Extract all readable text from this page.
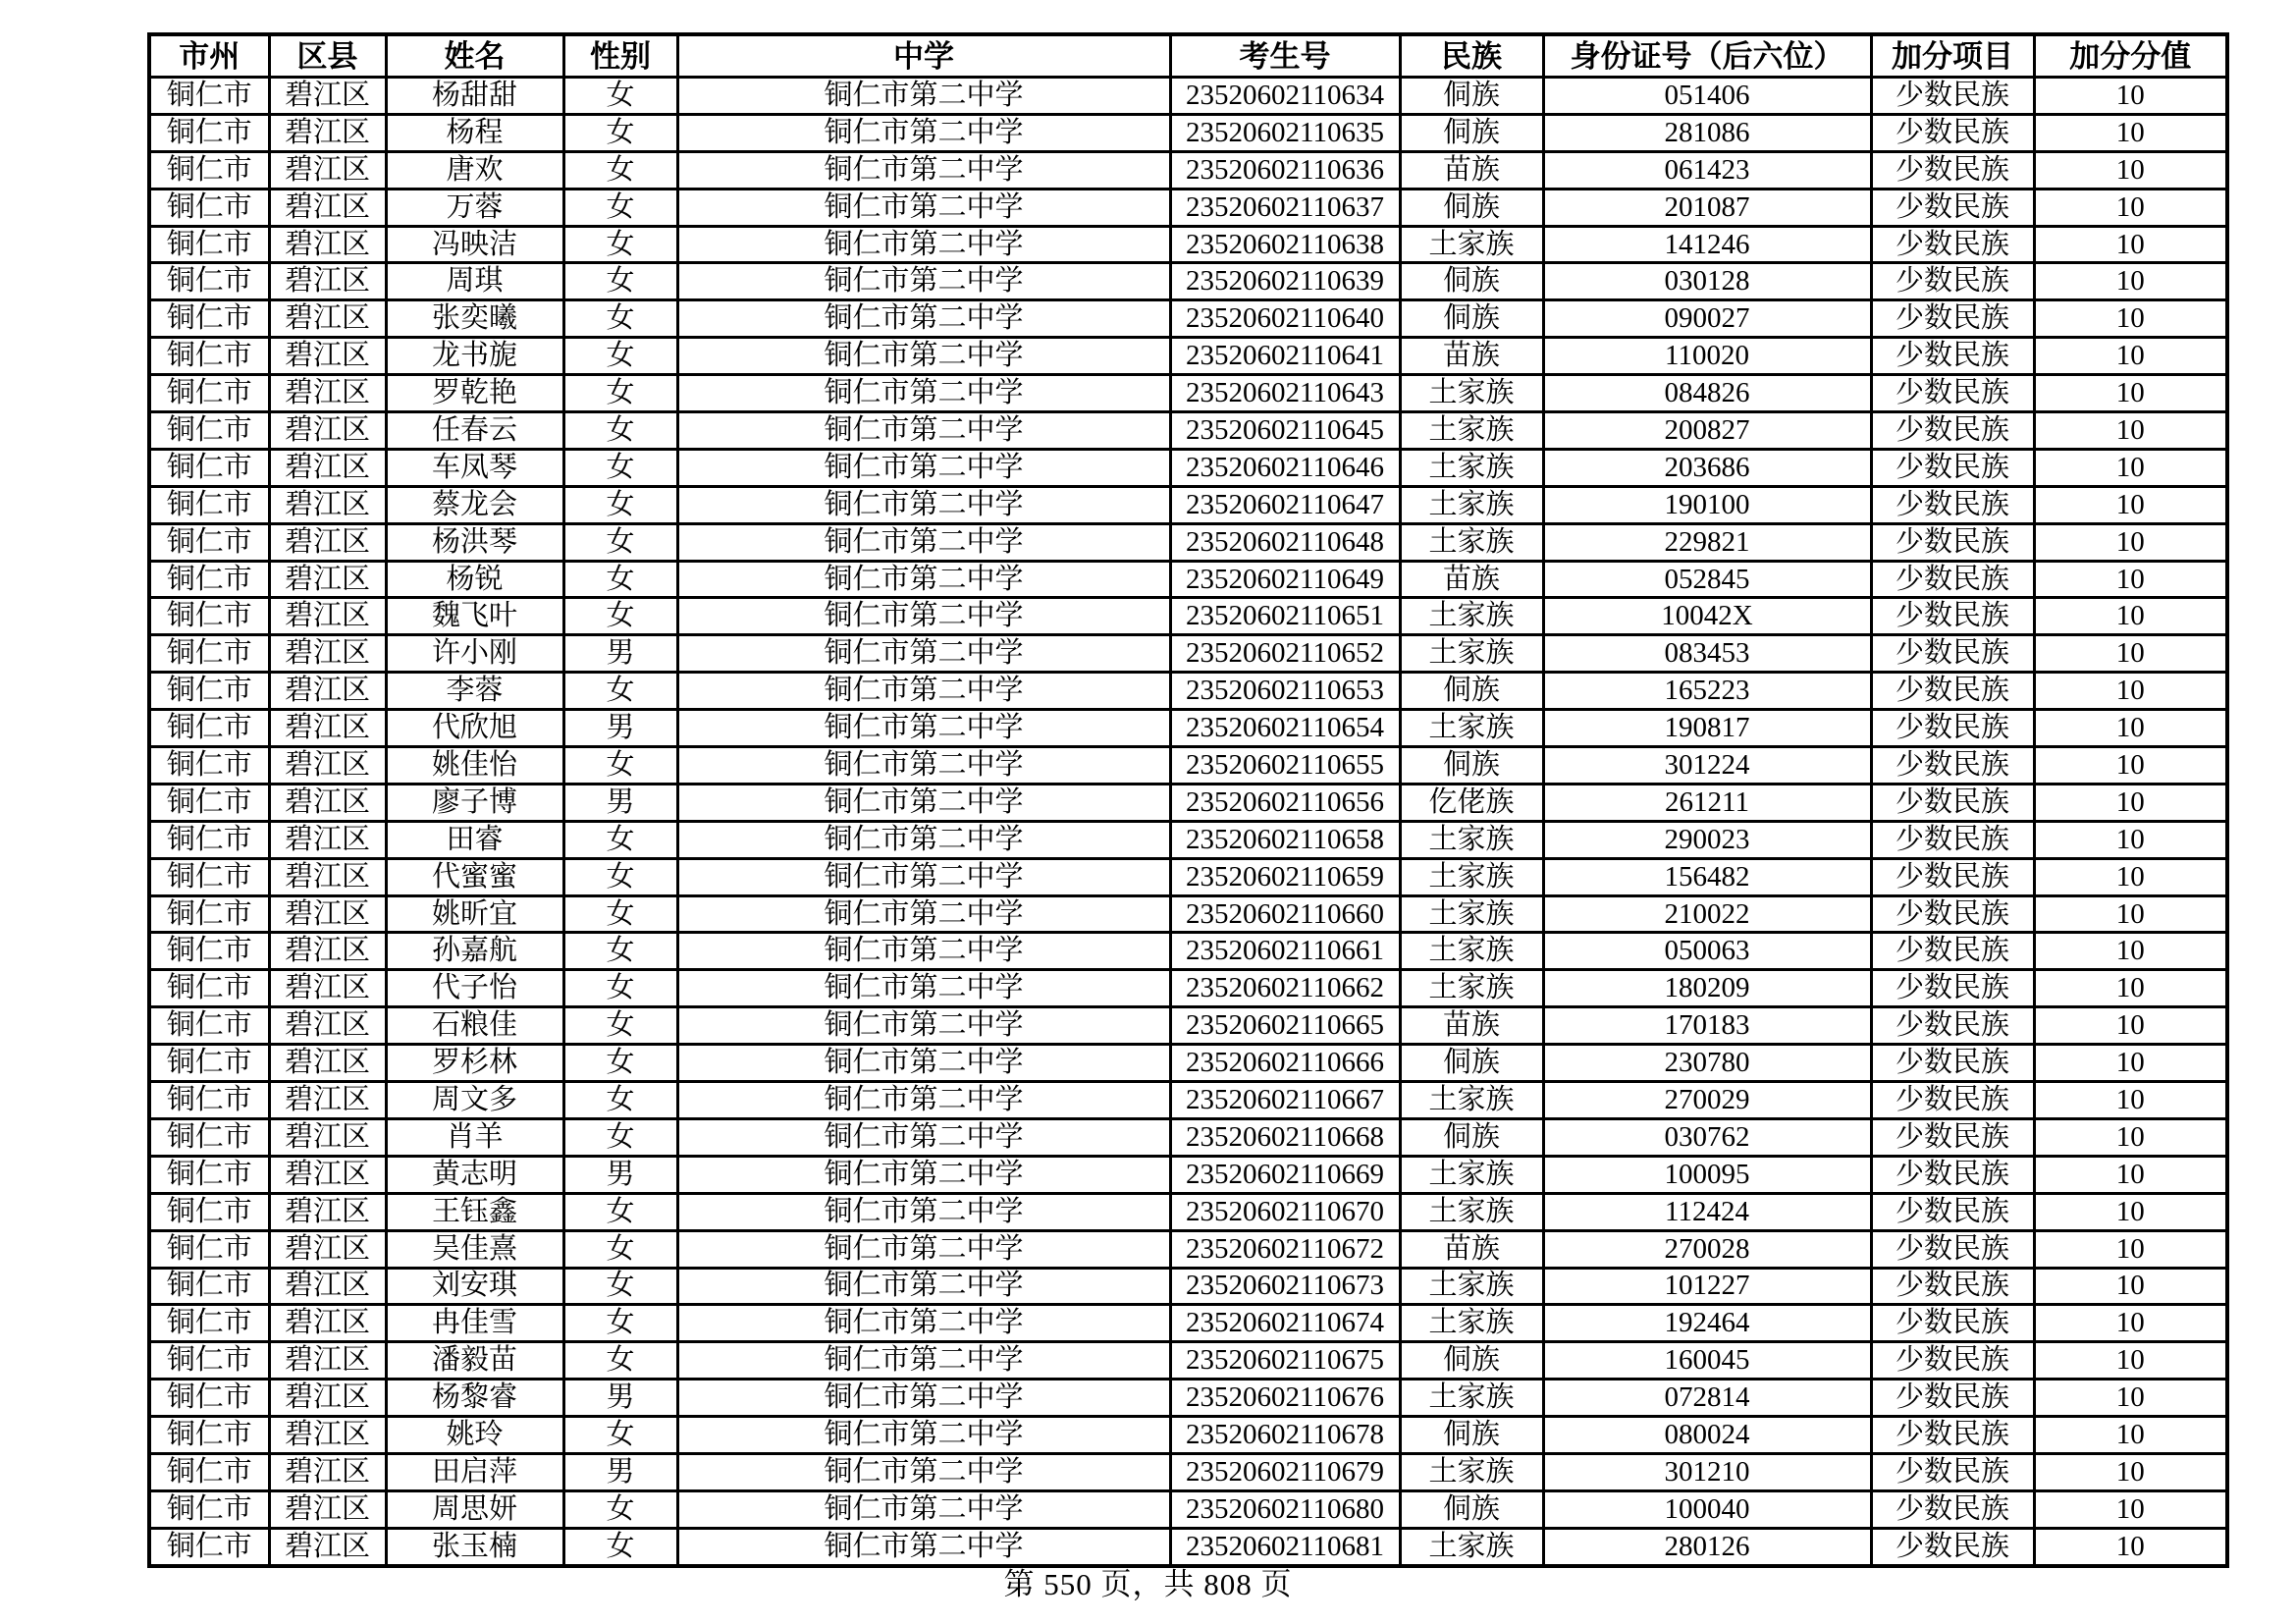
市州	区县	姓名	性别	中学	考生号	民族	身份证号（后六位）	加分项目	加分分值
铜仁市	碧江区	杨甜甜	女	铜仁市第二中学	23520602110634	侗族	051406	少数民族	10
铜仁市	碧江区	杨程	女	铜仁市第二中学	23520602110635	侗族	281086	少数民族	10
铜仁市	碧江区	唐欢	女	铜仁市第二中学	23520602110636	苗族	061423	少数民族	10
铜仁市	碧江区	万蓉	女	铜仁市第二中学	23520602110637	侗族	201087	少数民族	10
铜仁市	碧江区	冯映洁	女	铜仁市第二中学	23520602110638	土家族	141246	少数民族	10
铜仁市	碧江区	周琪	女	铜仁市第二中学	23520602110639	侗族	030128	少数民族	10
铜仁市	碧江区	张奕曦	女	铜仁市第二中学	23520602110640	侗族	090027	少数民族	10
铜仁市	碧江区	龙书旎	女	铜仁市第二中学	23520602110641	苗族	110020	少数民族	10
铜仁市	碧江区	罗乾艳	女	铜仁市第二中学	23520602110643	土家族	084826	少数民族	10
铜仁市	碧江区	任春云	女	铜仁市第二中学	23520602110645	土家族	200827	少数民族	10
铜仁市	碧江区	车凤琴	女	铜仁市第二中学	23520602110646	土家族	203686	少数民族	10
铜仁市	碧江区	蔡龙会	女	铜仁市第二中学	23520602110647	土家族	190100	少数民族	10
铜仁市	碧江区	杨洪琴	女	铜仁市第二中学	23520602110648	土家族	229821	少数民族	10
铜仁市	碧江区	杨锐	女	铜仁市第二中学	23520602110649	苗族	052845	少数民族	10
铜仁市	碧江区	魏飞叶	女	铜仁市第二中学	23520602110651	土家族	10042X	少数民族	10
铜仁市	碧江区	许小刚	男	铜仁市第二中学	23520602110652	土家族	083453	少数民族	10
铜仁市	碧江区	李蓉	女	铜仁市第二中学	23520602110653	侗族	165223	少数民族	10
铜仁市	碧江区	代欣旭	男	铜仁市第二中学	23520602110654	土家族	190817	少数民族	10
铜仁市	碧江区	姚佳怡	女	铜仁市第二中学	23520602110655	侗族	301224	少数民族	10
铜仁市	碧江区	廖子博	男	铜仁市第二中学	23520602110656	仡佬族	261211	少数民族	10
铜仁市	碧江区	田睿	女	铜仁市第二中学	23520602110658	土家族	290023	少数民族	10
铜仁市	碧江区	代蜜蜜	女	铜仁市第二中学	23520602110659	土家族	156482	少数民族	10
铜仁市	碧江区	姚昕宜	女	铜仁市第二中学	23520602110660	土家族	210022	少数民族	10
铜仁市	碧江区	孙嘉航	女	铜仁市第二中学	23520602110661	土家族	050063	少数民族	10
铜仁市	碧江区	代子怡	女	铜仁市第二中学	23520602110662	土家族	180209	少数民族	10
铜仁市	碧江区	石粮佳	女	铜仁市第二中学	23520602110665	苗族	170183	少数民族	10
铜仁市	碧江区	罗杉林	女	铜仁市第二中学	23520602110666	侗族	230780	少数民族	10
铜仁市	碧江区	周文多	女	铜仁市第二中学	23520602110667	土家族	270029	少数民族	10
铜仁市	碧江区	肖羊	女	铜仁市第二中学	23520602110668	侗族	030762	少数民族	10
铜仁市	碧江区	黄志明	男	铜仁市第二中学	23520602110669	土家族	100095	少数民族	10
铜仁市	碧江区	王钰鑫	女	铜仁市第二中学	23520602110670	土家族	112424	少数民族	10
铜仁市	碧江区	吴佳熹	女	铜仁市第二中学	23520602110672	苗族	270028	少数民族	10
铜仁市	碧江区	刘安琪	女	铜仁市第二中学	23520602110673	土家族	101227	少数民族	10
铜仁市	碧江区	冉佳雪	女	铜仁市第二中学	23520602110674	土家族	192464	少数民族	10
铜仁市	碧江区	潘毅苗	女	铜仁市第二中学	23520602110675	侗族	160045	少数民族	10
铜仁市	碧江区	杨黎睿	男	铜仁市第二中学	23520602110676	土家族	072814	少数民族	10
铜仁市	碧江区	姚玲	女	铜仁市第二中学	23520602110678	侗族	080024	少数民族	10
铜仁市	碧江区	田启萍	男	铜仁市第二中学	23520602110679	土家族	301210	少数民族	10
铜仁市	碧江区	周思妍	女	铜仁市第二中学	23520602110680	侗族	100040	少数民族	10
铜仁市	碧江区	张玉楠	女	铜仁市第二中学	23520602110681	土家族	280126	少数民族	10
第 550 页，共 808 页
